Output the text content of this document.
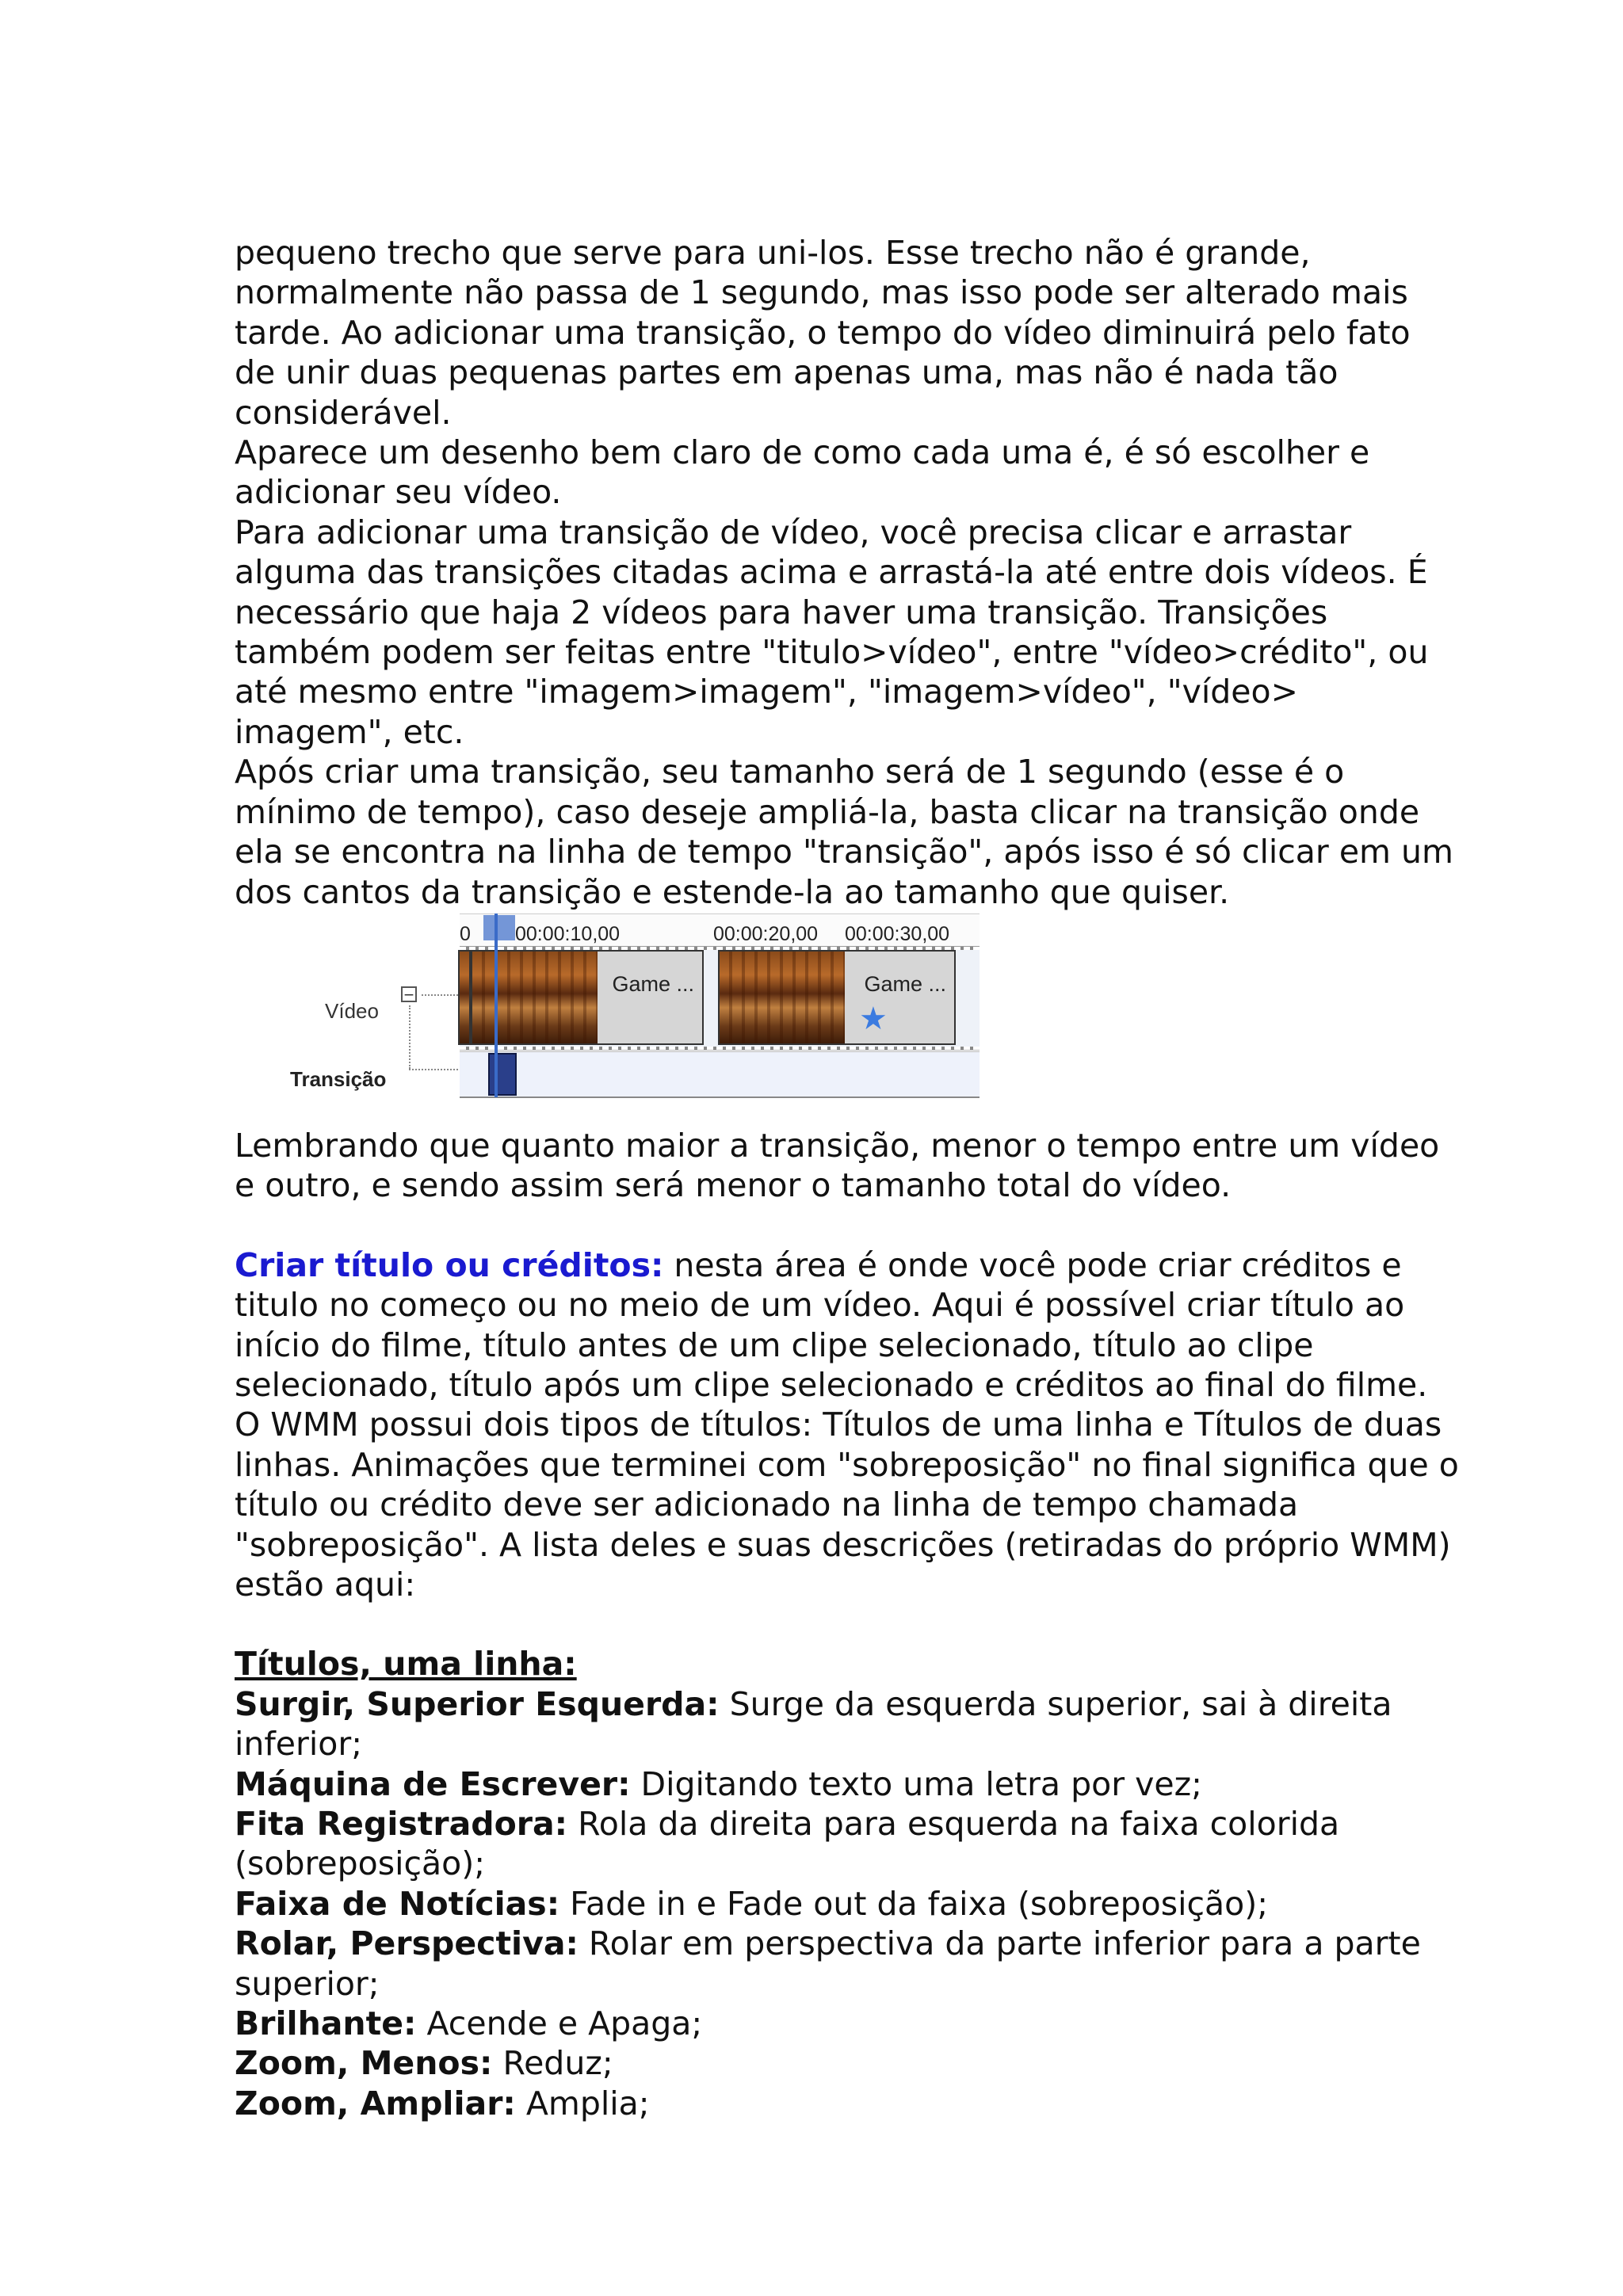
pequeno trecho que serve para uni-los. Esse trecho não é grande,

normalmente não passa de 1 segundo, mas isso pode ser alterado mais

tarde. Ao adicionar uma transição, o tempo do vídeo diminuirá pelo fato

de unir duas pequenas partes em apenas uma, mas não é nada tão

considerável.

Aparece um desenho bem claro de como cada uma é, é só escolher e

adicionar seu vídeo.

Para adicionar uma transição de vídeo, você precisa clicar e arrastar

alguma das transições citadas acima e arrastá-la até entre dois vídeos. É

necessário que haja 2 vídeos para haver uma transição. Transições

também podem ser feitas entre "titulo>vídeo", entre "vídeo>crédito", ou

até mesmo entre "imagem>imagem", "imagem>vídeo", "vídeo>

imagem", etc.

Após criar uma transição, seu tamanho será de 1 segundo (esse é o

mínimo de tempo), caso deseje ampliá-la, basta clicar na transição onde

ela se encontra na linha de tempo "transição", após isso é só clicar em um

dos cantos da transição e estende-la ao tamanho que quiser.

0 00:00:10,00	00:00:20,00 00:00:30,00
Vídeo
−
Transição
Game ...	Game ...
★

Lembrando que quanto maior a transição, menor o tempo entre um vídeo

e outro, e sendo assim será menor o tamanho total do vídeo.

Criar título ou créditos: nesta área é onde você pode criar créditos e

titulo no começo ou no meio de um vídeo. Aqui é possível criar título ao

início do filme, título antes de um clipe selecionado, título ao clipe

selecionado, título após um clipe selecionado e créditos ao final do filme.

O WMM possui dois tipos de títulos: Títulos de uma linha e Títulos de duas

linhas. Animações que terminei com "sobreposição" no final significa que o

título ou crédito deve ser adicionado na linha de tempo chamada

"sobreposição". A lista deles e suas descrições (retiradas do próprio WMM)

estão aqui:

Títulos, uma linha:

Surgir, Superior Esquerda: Surge da esquerda superior, sai à direita

inferior;

Máquina de Escrever: Digitando texto uma letra por vez;

Fita Registradora: Rola da direita para esquerda na faixa colorida

(sobreposição);

Faixa de Notícias: Fade in e Fade out da faixa (sobreposição);

Rolar, Perspectiva: Rolar em perspectiva da parte inferior para a parte

superior;

Brilhante: Acende e Apaga;

Zoom, Menos: Reduz;

Zoom, Ampliar: Amplia;
